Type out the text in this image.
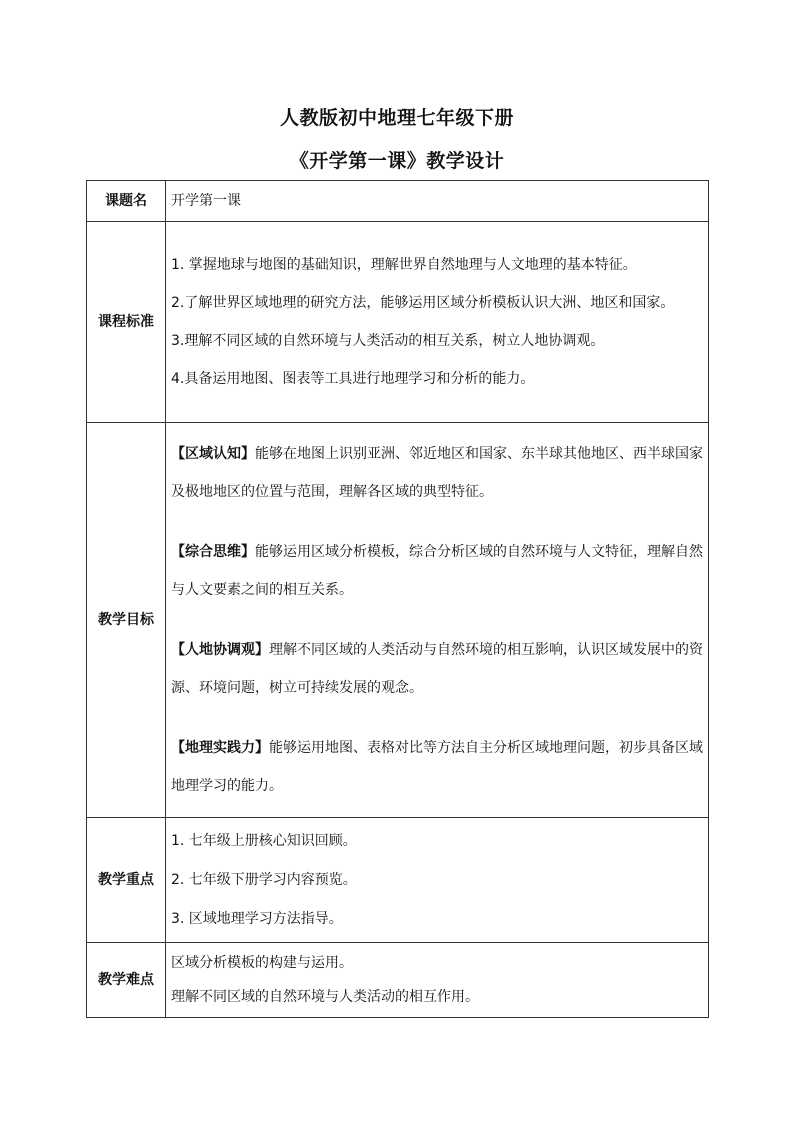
人教版初中地理七年级下册
《开学第一课》教学设计
课题名	开学第一课
课程标准	1. 掌握地球与地图的基础知识，理解世界自然地理与人文地理的基本特征。

2.了解世界区域地理的研究方法，能够运用区域分析模板认识大洲、地区和国家。

3.理解不同区域的自然环境与人类活动的相互关系，树立人地协调观。

4.具备运用地图、图表等工具进行地理学习和分析的能力。

教学目标	【区域认知】能够在地图上识别亚洲、邻近地区和国家、东半球其他地区、西半球国家及极地地区的位置与范围，理解各区域的典型特征。

【综合思维】能够运用区域分析模板，综合分析区域的自然环境与人文特征，理解自然与人文要素之间的相互关系。

【人地协调观】理解不同区域的人类活动与自然环境的相互影响，认识区域发展中的资源、环境问题，树立可持续发展的观念。

【地理实践力】能够运用地图、表格对比等方法自主分析区域地理问题，初步具备区域地理学习的能力。

教学重点	1. 七年级上册核心知识回顾。

2. 七年级下册学习内容预览。

3. 区域地理学习方法指导。

教学难点	区域分析模板的构建与运用。

理解不同区域的自然环境与人类活动的相互作用。
